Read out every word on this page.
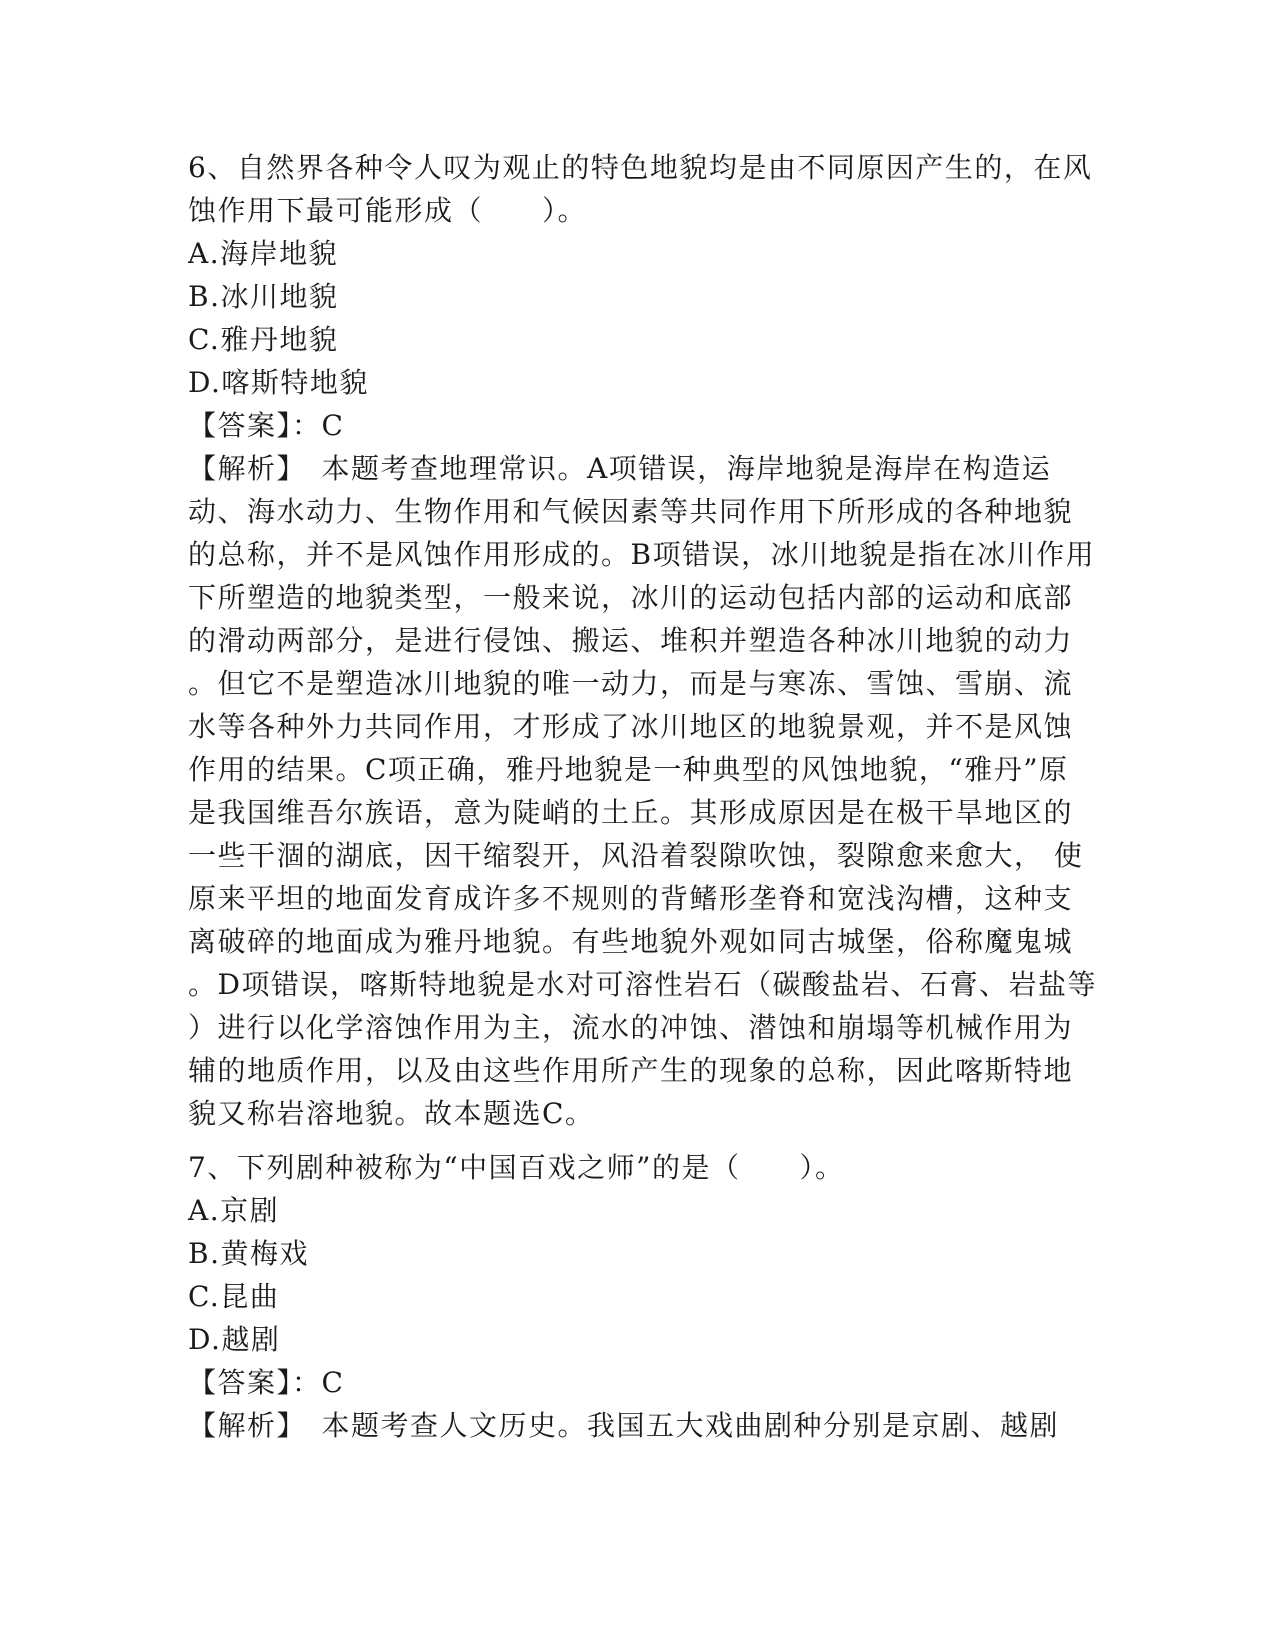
6、自然界各种令人叹为观止的特色地貌均是由不同原因产生的，在风
蚀作用下最可能形成（　　）。
A.海岸地貌
B.冰川地貌
C.雅丹地貌
D.喀斯特地貌
【答案】：C
【解析】　本题考查地理常识。A项错误，海岸地貌是海岸在构造运
动、海水动力、生物作用和气候因素等共同作用下所形成的各种地貌
的总称，并不是风蚀作用形成的。B项错误，冰川地貌是指在冰川作用
下所塑造的地貌类型，一般来说，冰川的运动包括内部的运动和底部
的滑动两部分，是进行侵蚀、搬运、堆积并塑造各种冰川地貌的动力
。但它不是塑造冰川地貌的唯一动力，而是与寒冻、雪蚀、雪崩、流
水等各种外力共同作用，才形成了冰川地区的地貌景观，并不是风蚀
作用的结果。C项正确，雅丹地貌是一种典型的风蚀地貌，“雅丹”原
是我国维吾尔族语，意为陡峭的土丘。其形成原因是在极干旱地区的
一些干涸的湖底，因干缩裂开，风沿着裂隙吹蚀，裂隙愈来愈大， 使
原来平坦的地面发育成许多不规则的背鳍形垄脊和宽浅沟槽，这种支
离破碎的地面成为雅丹地貌。有些地貌外观如同古城堡，俗称魔鬼城
。D项错误，喀斯特地貌是水对可溶性岩石（碳酸盐岩、石膏、岩盐等
）进行以化学溶蚀作用为主，流水的冲蚀、潜蚀和崩塌等机械作用为
辅的地质作用，以及由这些作用所产生的现象的总称，因此喀斯特地
貌又称岩溶地貌。故本题选C。
7、下列剧种被称为“中国百戏之师”的是（　　）。
A.京剧
B.黄梅戏
C.昆曲
D.越剧
【答案】：C
【解析】　本题考查人文历史。我国五大戏曲剧种分别是京剧、越剧
